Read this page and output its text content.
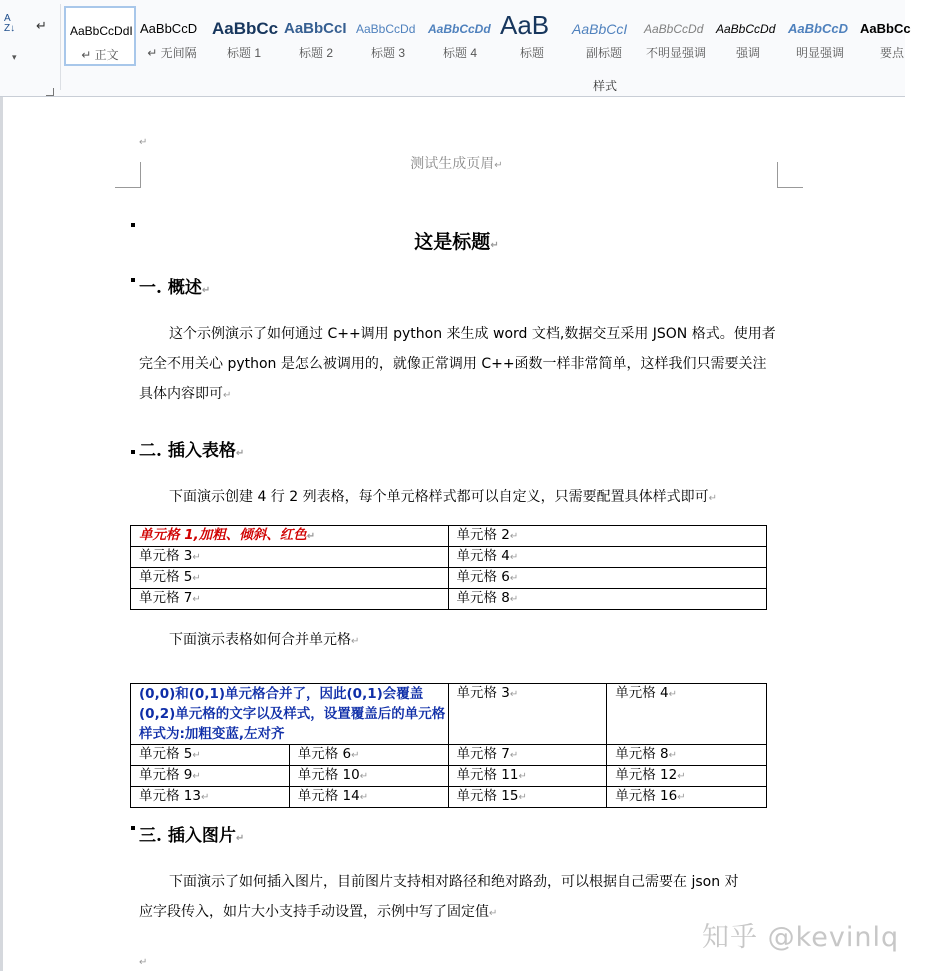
A
Z↓	↵
▾
AaBbCcDdI
↵ 正文
AaBbCcD
↵ 无间隔
AaBbCc
标题 1
AaBbCcI
标题 2
AaBbCcDd
标题 3
AaBbCcDd
标题 4
AaB
标题
AaBbCcI
副标题
AaBbCcDd
不明显强调
AaBbCcDd
强调
AaBbCcD
明显强调
AaBbCc
要点
样式
↵
测试生成页眉↵
这是标题↵
一. 概述↵
这个示例演示了如何通过 C++调用 python 来生成 word 文档,数据交互采用 JSON 格式。使用者完全不用关心 python 是怎么被调用的，就像正常调用 C++函数一样非常简单，这样我们只需要关注具体内容即可↵
二. 插入表格↵
下面演示创建 4 行 2 列表格，每个单元格样式都可以自定义，只需要配置具体样式即可↵
单元格 1,加粗、倾斜、红色↵	单元格 2↵
单元格 3↵	单元格 4↵
单元格 5↵	单元格 6↵
单元格 7↵	单元格 8↵
下面演示表格如何合并单元格↵
(0,0)和(0,1)单元格合并了，因此(0,1)会覆盖(0,2)单元格的文字以及样式，设置覆盖后的单元格样式为:加粗变蓝,左对齐		单元格 3↵	单元格 4↵
单元格 5↵	单元格 6↵	单元格 7↵	单元格 8↵
单元格 9↵	单元格 10↵	单元格 11↵	单元格 12↵
单元格 13↵	单元格 14↵	单元格 15↵	单元格 16↵
三. 插入图片↵
下面演示了如何插入图片，目前图片支持相对路径和绝对路劲，可以根据自己需要在 json 对应字段传入，如片大小支持手动设置，示例中写了固定值↵
↵
知乎 @kevinlq
